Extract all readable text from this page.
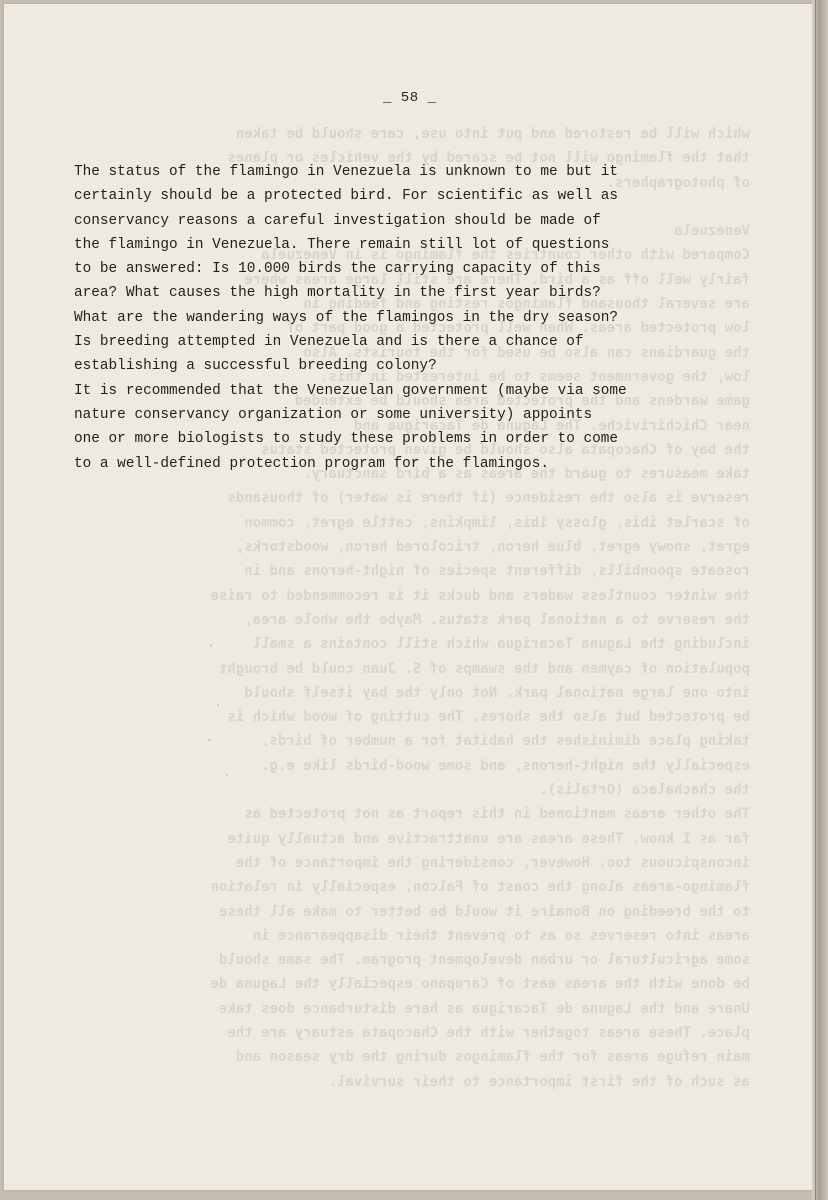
which will be restored and put into use, care should be taken
that the flamingo will not be scared by the vehicles or planes
of photographers.

Venezuela
Compared with other countries the flamingo is in Venezuela
fairly well off as a bird. There are still large areas where
are several thousand flamingos resting and feeding in
low protected areas. When well protected a good part of
the guardians can also be used for the tourists. Also
low, the government seems to be interested in this.
game wardens and the protected area should be extended
near Chichiriviche. The Laguna de Tacarigua and
the bay of Chacopata also should be given protected status
take measures to guard the areas as a bird sanctuary.
reserve is also the residence (if there is water) of thousands
of scarlet ibis, glossy ibis, limpkins, cattle egret, common
egret, snowy egret, blue heron, tricolored heron, woodstorks,
roseate spoonbills, different species of night-herons and in
the winter countless waders and ducks it is recommended to raise
the reserve to a national park status. Maybe the whole area,
including the Laguna Tacarigua which still contains a small
population of caymen and the swamps of S. Juan could be brought
into one large national park. Not only the bay itself should
be protected but also the shores. The cutting of wood which is
taking place diminishes the habitat for a number of birds,
especially the night-herons, and some wood-birds like e.g.
the chachalaca (Ortalis).
The other areas mentioned in this report as not protected as
far as I know. These areas are unattractive and actually quite
inconspicuous too. However, considering the importance of the
flamingo-areas along the coast of Falcon, especially in relation
to the breeding on Bonaire it would be better to make all these
areas into reserves so as to prevent their disappearance in
some agricultural or urban development program. The same should
be done with the areas east of Carupano especially the Laguna de
Unare and the Laguna de Tacarigua as here disturbance does take
place. These areas together with the Chacopata estuary are the
main refuge areas for the flamingos during the dry season and
as such of the first importance to their survival.
_ 58 _
The status of the flamingo in Venezuela is unknown to me but it
certainly should be a protected bird. For scientific as well as
conservancy reasons a careful investigation should be made of
the flamingo in Venezuela. There remain still lot of questions
to be answered: Is 10.000 birds the carrying capacity of this
area? What causes the high mortality in the first year birds?
What are the wandering ways of the flamingos in the dry season?
Is breeding attempted in Venezuela and is there a chance of
establishing a successful breeding colony?
It is recommended that the Venezuelan government (maybe via some
nature conservancy organization or some university) appoints
one or more biologists to study these problems in order to come
to a well-defined protection program for the flamingos.
